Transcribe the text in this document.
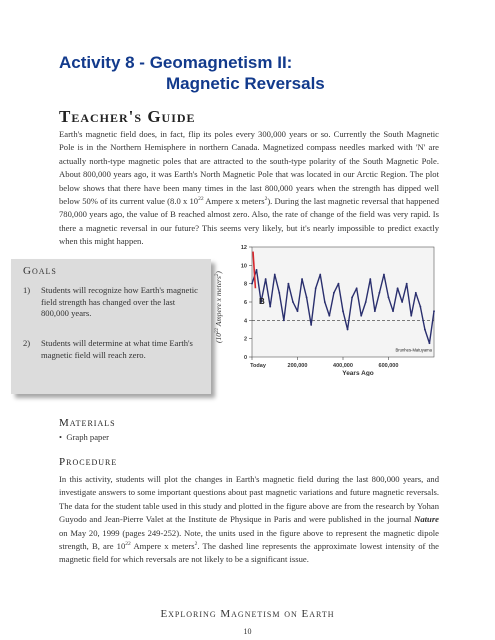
Activity 8 - Geomagnetism II:
Magnetic Reversals
Teacher's Guide

Earth's magnetic field does, in fact, flip its poles every 300,000 years or so. Currently the South Magnetic Pole is in the Northern Hemisphere in northern Canada. Magnetized compass needles marked with 'N' are actually north-type magnetic poles that are attracted to the south-type polarity of the South Magnetic Pole. About 800,000 years ago, it was Earth's North Magnetic Pole that was located in our Arctic Region. The plot below shows that there have been many times in the last 800,000 years when the strength has dipped well below 50% of its current value (8.0 x $10^{22}$ Ampere x meters$^2$). During the last magnetic reversal that happened 780,000 years ago, the value of B reached almost zero. Also, the rate of change of the field was very rapid. Is there a magnetic reversal in our future? This seems very likely, but it's nearly impossible to predict exactly when this might happen.

Goals
1)	Students will recognize how Earth's magnetic field strength has changed over the last 800,000 years.
2)	Students will determine at what time Earth's magnetic field will reach zero.
($10^{22}$ Ampere x meters$^2$)
12
10
8
6
4
2
0
Today	200,000	400,000	600,000
Years Ago
B
Brunhes-Matuyama
Materials
•  Graph paper
Procedure

In this activity, students will plot the changes in Earth's magnetic field during the last 800,000 years, and investigate answers to some important questions about past magnetic variations and future magnetic reversals. The data for the student table used in this study and plotted in the figure above are from the research by Yohan Guyodo and Jean-Pierre Valet at the Institute de Physique in Paris and were published in the journal Nature on May 20, 1999 (pages 249-252). Note, the units used in the figure above to represent the magnetic dipole strength, B, are $10^{22}$ Ampere x meters$^2$. The dashed line represents the approximate lowest intensity of the magnetic field for which reversals are not likely to be a significant issue.

Exploring Magnetism on Earth
10
